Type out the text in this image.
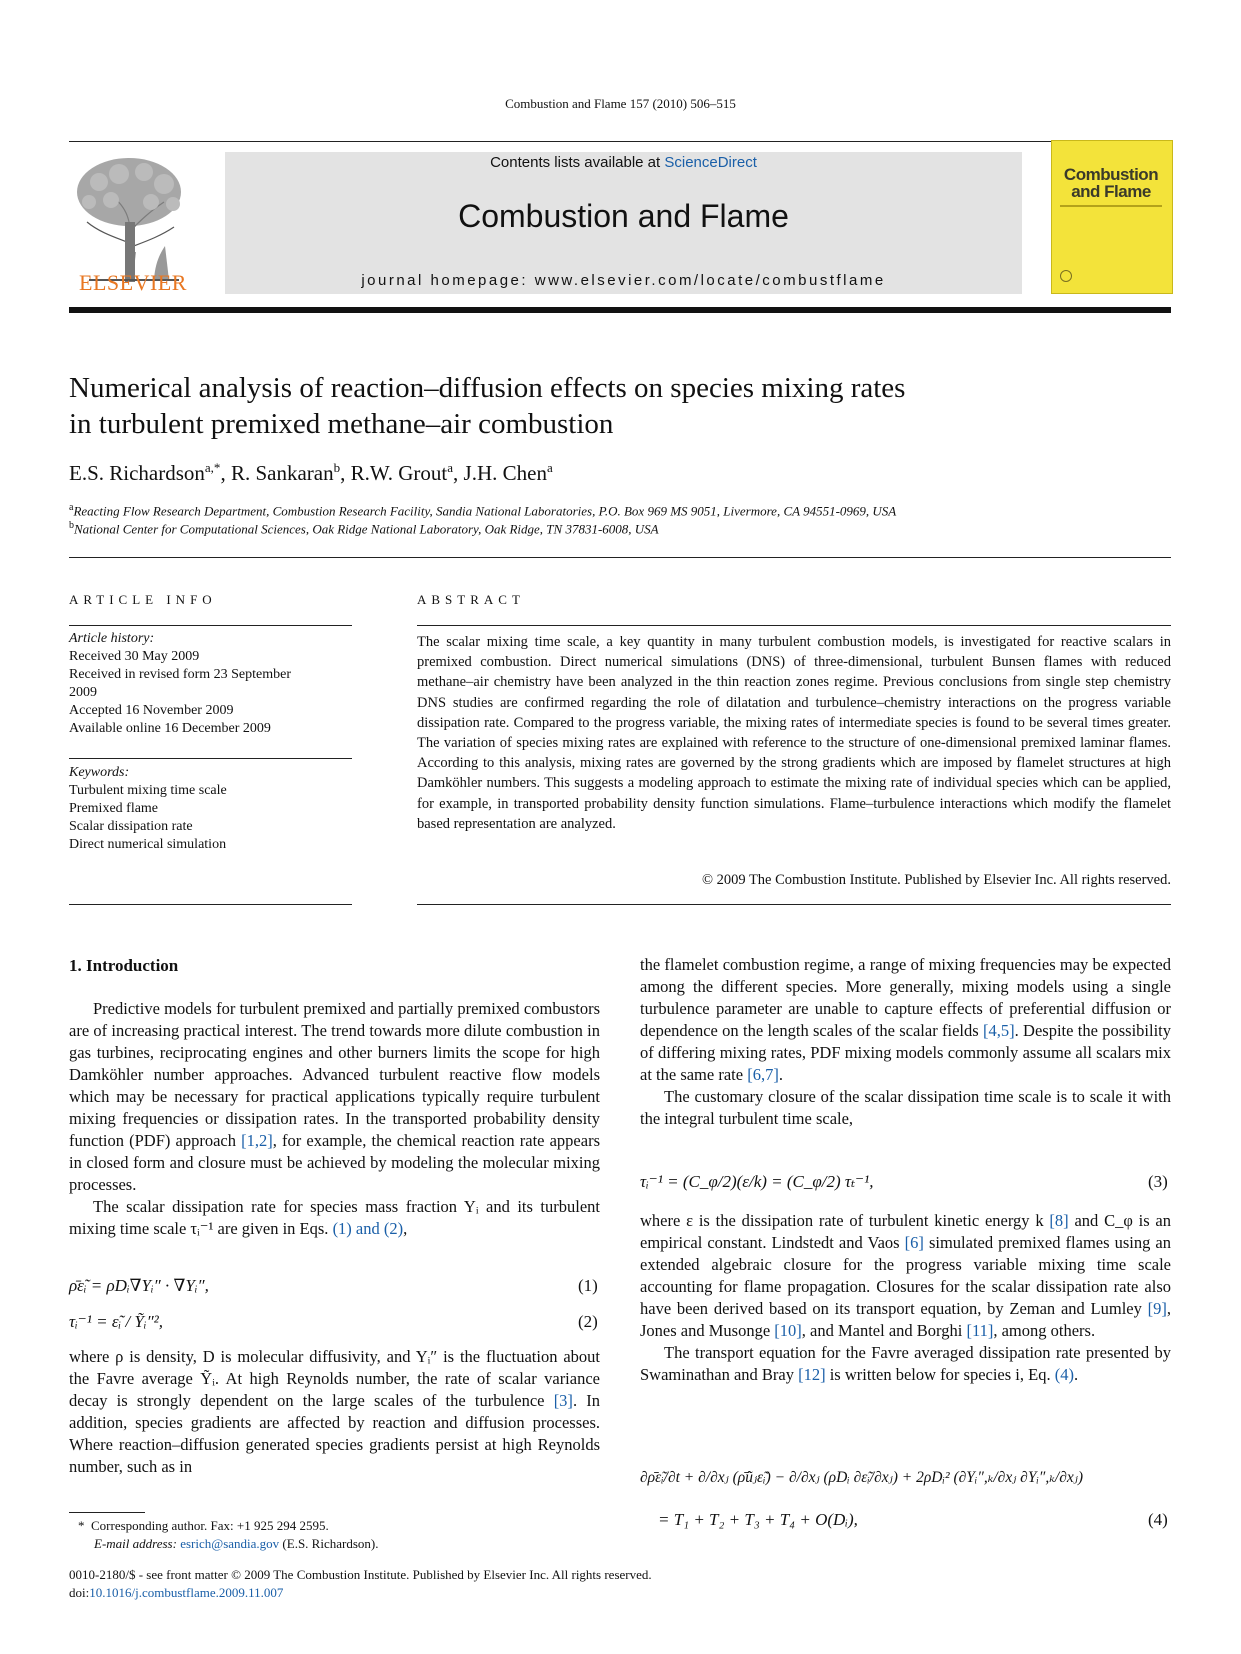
Combustion and Flame 157 (2010) 506–515
ELSEVIER
Contents lists available at ScienceDirect
Combustion and Flame
journal homepage: www.elsevier.com/locate/combustflame
Combustion
and Flame
Numerical analysis of reaction–diffusion effects on species mixing rates
in turbulent premixed methane–air combustion
E.S. Richardson$^{a,*}$, R. Sankaran$^b$, R.W. Grout$^a$, J.H. Chen$^a$
$^a$Reacting Flow Research Department, Combustion Research Facility, Sandia National Laboratories, P.O. Box 969 MS 9051, Livermore, CA 94551-0969, USA
$^b$National Center for Computational Sciences, Oak Ridge National Laboratory, Oak Ridge, TN 37831-6008, USA
ARTICLE INFO
Article history:
Received 30 May 2009
Received in revised form 23 September
2009
Accepted 16 November 2009
Available online 16 December 2009
Keywords:
Turbulent mixing time scale
Premixed flame
Scalar dissipation rate
Direct numerical simulation
ABSTRACT
The scalar mixing time scale, a key quantity in many turbulent combustion models, is investigated for reactive scalars in premixed combustion. Direct numerical simulations (DNS) of three-dimensional, turbulent Bunsen flames with reduced methane–air chemistry have been analyzed in the thin reaction zones regime. Previous conclusions from single step chemistry DNS studies are confirmed regarding the role of dilatation and turbulence–chemistry interactions on the progress variable dissipation rate. Compared to the progress variable, the mixing rates of intermediate species is found to be several times greater. The variation of species mixing rates are explained with reference to the structure of one-dimensional premixed laminar flames. According to this analysis, mixing rates are governed by the strong gradients which are imposed by flamelet structures at high Damköhler numbers. This suggests a modeling approach to estimate the mixing rate of individual species which can be applied, for example, in transported probability density function simulations. Flame–turbulence interactions which modify the flamelet based representation are analyzed.
© 2009 The Combustion Institute. Published by Elsevier Inc. All rights reserved.
1. Introduction

Predictive models for turbulent premixed and partially premixed combustors are of increasing practical interest. The trend towards more dilute combustion in gas turbines, reciprocating engines and other burners limits the scope for high Damköhler number approaches. Advanced turbulent reactive flow models which may be necessary for practical applications typically require turbulent mixing frequencies or dissipation rates. In the transported probability density function (PDF) approach [1,2], for example, the chemical reaction rate appears in closed form and closure must be achieved by modeling the molecular mixing processes.

The scalar dissipation rate for species mass fraction Yᵢ and its turbulent mixing time scale τᵢ⁻¹ are given in Eqs. (1) and (2),

ρ̄ε̃ᵢ = ρDᵢ∇Yᵢ″ · ∇Yᵢ″,	(1)
τᵢ⁻¹ = ε̃ᵢ / Ỹᵢ″²,	(2)

where ρ is density, D is molecular diffusivity, and Yᵢ″ is the fluctuation about the Favre average Ỹᵢ. At high Reynolds number, the rate of scalar variance decay is strongly dependent on the large scales of the turbulence [3]. In addition, species gradients are affected by reaction and diffusion processes. Where reaction–diffusion generated species gradients persist at high Reynolds number, such as in

* Corresponding author. Fax: +1 925 294 2595.
E-mail address: esrich@sandia.gov (E.S. Richardson).

the flamelet combustion regime, a range of mixing frequencies may be expected among the different species. More generally, mixing models using a single turbulence parameter are unable to capture effects of preferential diffusion or dependence on the length scales of the scalar fields [4,5]. Despite the possibility of differing mixing rates, PDF mixing models commonly assume all scalars mix at the same rate [6,7].

The customary closure of the scalar dissipation time scale is to scale it with the integral turbulent time scale,

τᵢ⁻¹ = (C_φ/2)(ε/k) = (C_φ/2) τₜ⁻¹,	(3)

where ε is the dissipation rate of turbulent kinetic energy k [8] and C_φ is an empirical constant. Lindstedt and Vaos [6] simulated premixed flames using an extended algebraic closure for the progress variable mixing time scale accounting for flame propagation. Closures for the scalar dissipation rate also have been derived based on its transport equation, by Zeman and Lumley [9], Jones and Musonge [10], and Mantel and Borghi [11], among others.

The transport equation for the Favre averaged dissipation rate presented by Swaminathan and Bray [12] is written below for species i, Eq. (4).

∂ρ̄ε̃ᵢ/∂t + ∂/∂xⱼ (ρ̄ũⱼε̃ᵢ) − ∂/∂xⱼ (ρDᵢ ∂ε̃ᵢ/∂xⱼ) + 2ρDᵢ² (∂Yᵢ″,ₖ/∂xⱼ ∂Yᵢ″,ₖ/∂xⱼ)
= T₁ + T₂ + T₃ + T₄ + O(Dᵢ),	(4)
0010-2180/$ - see front matter © 2009 The Combustion Institute. Published by Elsevier Inc. All rights reserved.
doi:10.1016/j.combustflame.2009.11.007
